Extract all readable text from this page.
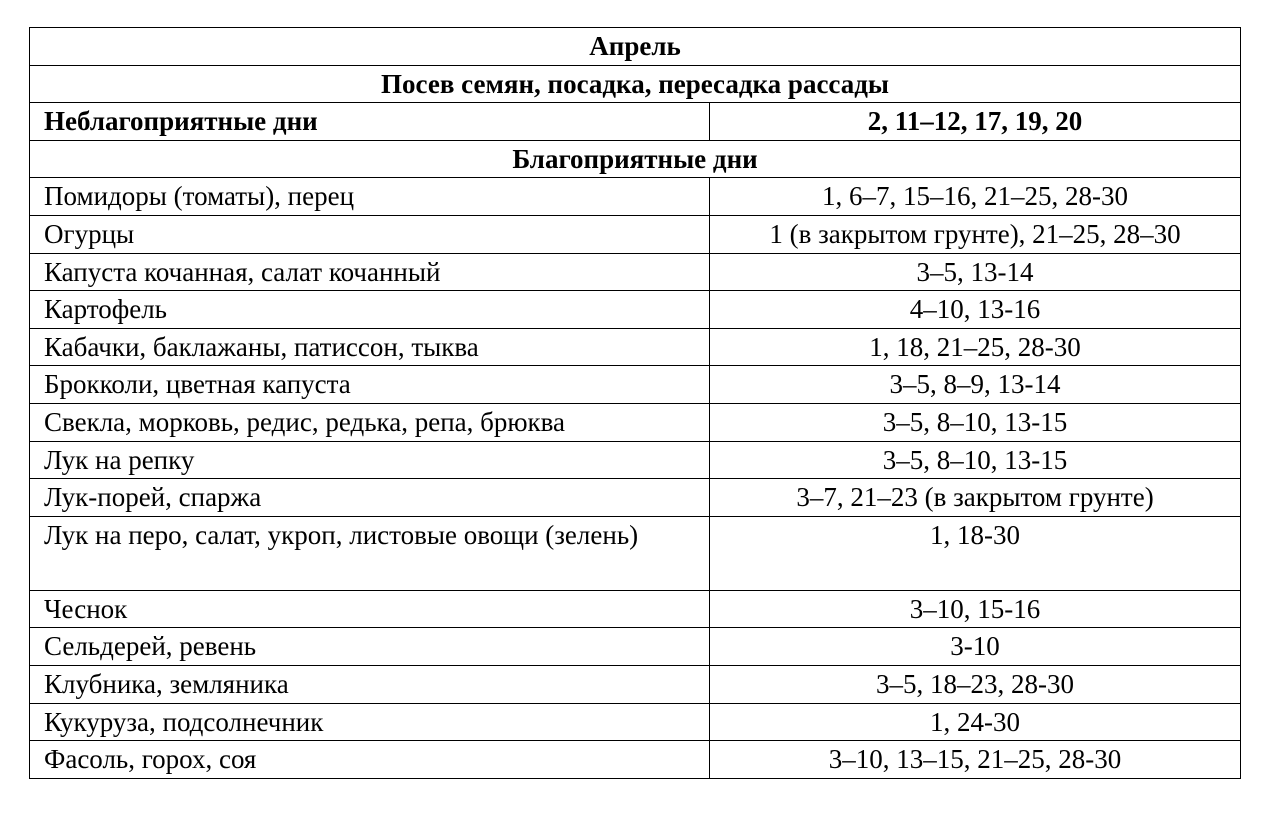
Апрель	
Посев семян, посадка, пересадка рассады	
Неблагоприятные дни	2, 11–12, 17, 19, 20
Благоприятные дни	
Помидоры (томаты), перец	1, 6–7, 15–16, 21–25, 28-30
Огурцы	1 (в закрытом грунте), 21–25, 28–30
Капуста кочанная, салат кочанный	3–5, 13-14
Картофель	4–10, 13-16
Кабачки, баклажаны, патиссон, тыква	1, 18, 21–25, 28-30
Брокколи, цветная капуста	3–5, 8–9, 13-14
Свекла, морковь, редис, редька, репа, брюква	3–5, 8–10, 13-15
Лук на репку	3–5, 8–10, 13-15
Лук-порей, спаржа	3–7, 21–23 (в закрытом грунте)
Лук на перо, салат, укроп, листовые овощи (зелень)	1, 18-30
Чеснок	3–10, 15-16
Сельдерей, ревень	3-10
Клубника, земляника	3–5, 18–23, 28-30
Кукуруза, подсолнечник	1, 24-30
Фасоль, горох, соя	3–10, 13–15, 21–25, 28-30
